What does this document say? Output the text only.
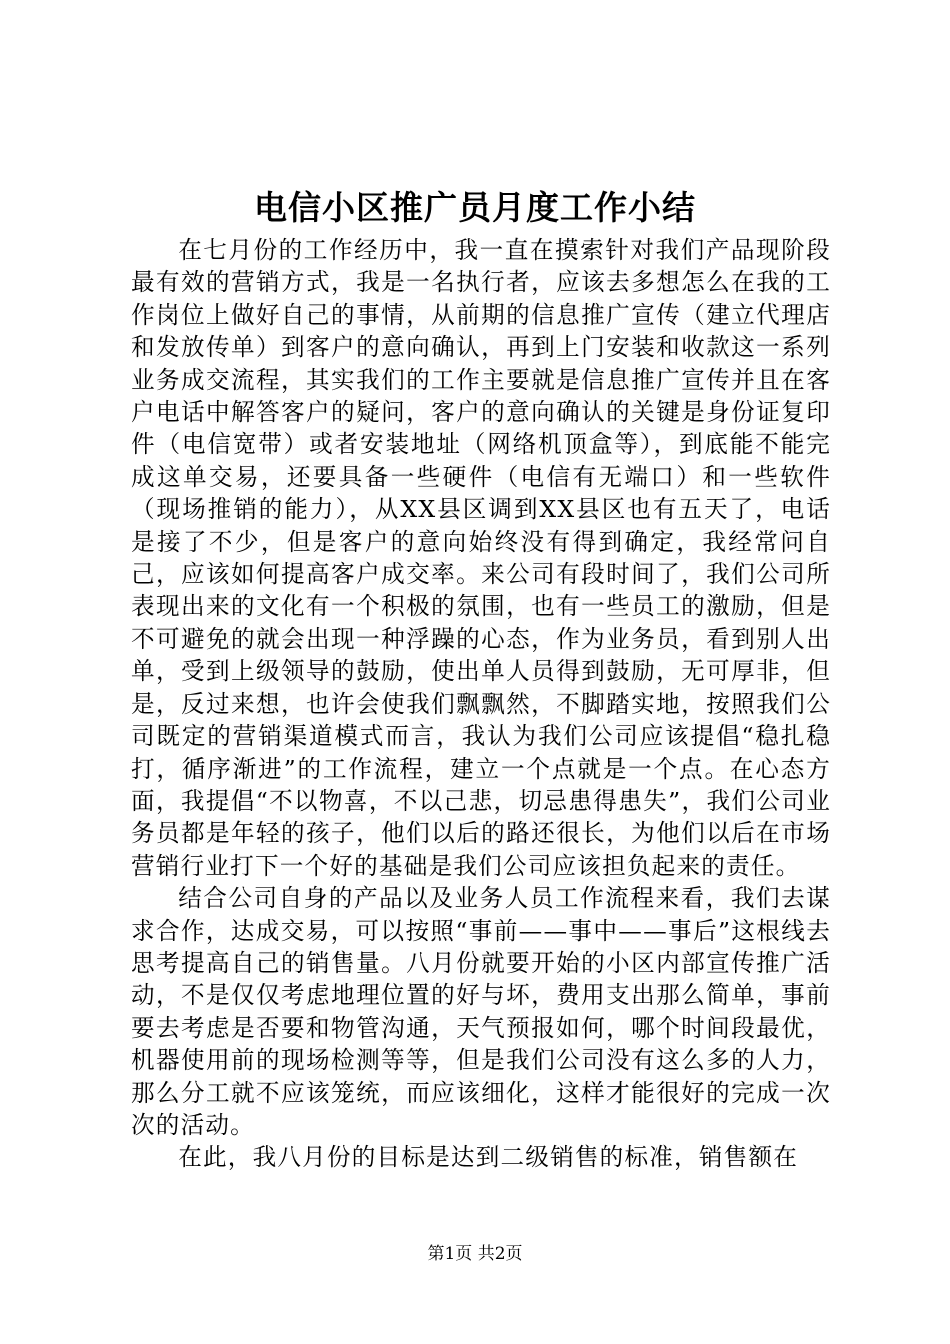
电信小区推广员月度工作小结

在七月份的工作经历中，我一直在摸索针对我们产品现阶段最有效的营销方式，我是一名执行者，应该去多想怎么在我的工作岗位上做好自己的事情，从前期的信息推广宣传（建立代理店和发放传单）到客户的意向确认，再到上门安装和收款这一系列业务成交流程，其实我们的工作主要就是信息推广宣传并且在客户电话中解答客户的疑问，客户的意向确认的关键是身份证复印件（电信宽带）或者安装地址（网络机顶盒等），到底能不能完成这单交易，还要具备一些硬件（电信有无端口）和一些软件（现场推销的能力），从XX县区调到XX县区也有五天了，电话是接了不少，但是客户的意向始终没有得到确定，我经常问自己，应该如何提高客户成交率。来公司有段时间了，我们公司所表现出来的文化有一个积极的氛围，也有一些员工的激励，但是不可避免的就会出现一种浮躁的心态，作为业务员，看到别人出单，受到上级领导的鼓励，使出单人员得到鼓励，无可厚非，但是，反过来想，也许会使我们飘飘然，不脚踏实地，按照我们公司既定的营销渠道模式而言，我认为我们公司应该提倡“稳扎稳打，循序渐进”的工作流程，建立一个点就是一个点。在心态方面，我提倡“不以物喜，不以己悲，切忌患得患失”，我们公司业务员都是年轻的孩子，他们以后的路还很长，为他们以后在市场营销行业打下一个好的基础是我们公司应该担负起来的责任。

结合公司自身的产品以及业务人员工作流程来看，我们去谋求合作，达成交易，可以按照“事前——事中——事后”这根线去思考提高自己的销售量。八月份就要开始的小区内部宣传推广活动，不是仅仅考虑地理位置的好与坏，费用支出那么简单，事前要去考虑是否要和物管沟通，天气预报如何，哪个时间段最优，机器使用前的现场检测等等，但是我们公司没有这么多的人力，那么分工就不应该笼统，而应该细化，这样才能很好的完成一次次的活动。

在此，我八月份的目标是达到二级销售的标准，销售额在

第1页 共2页
